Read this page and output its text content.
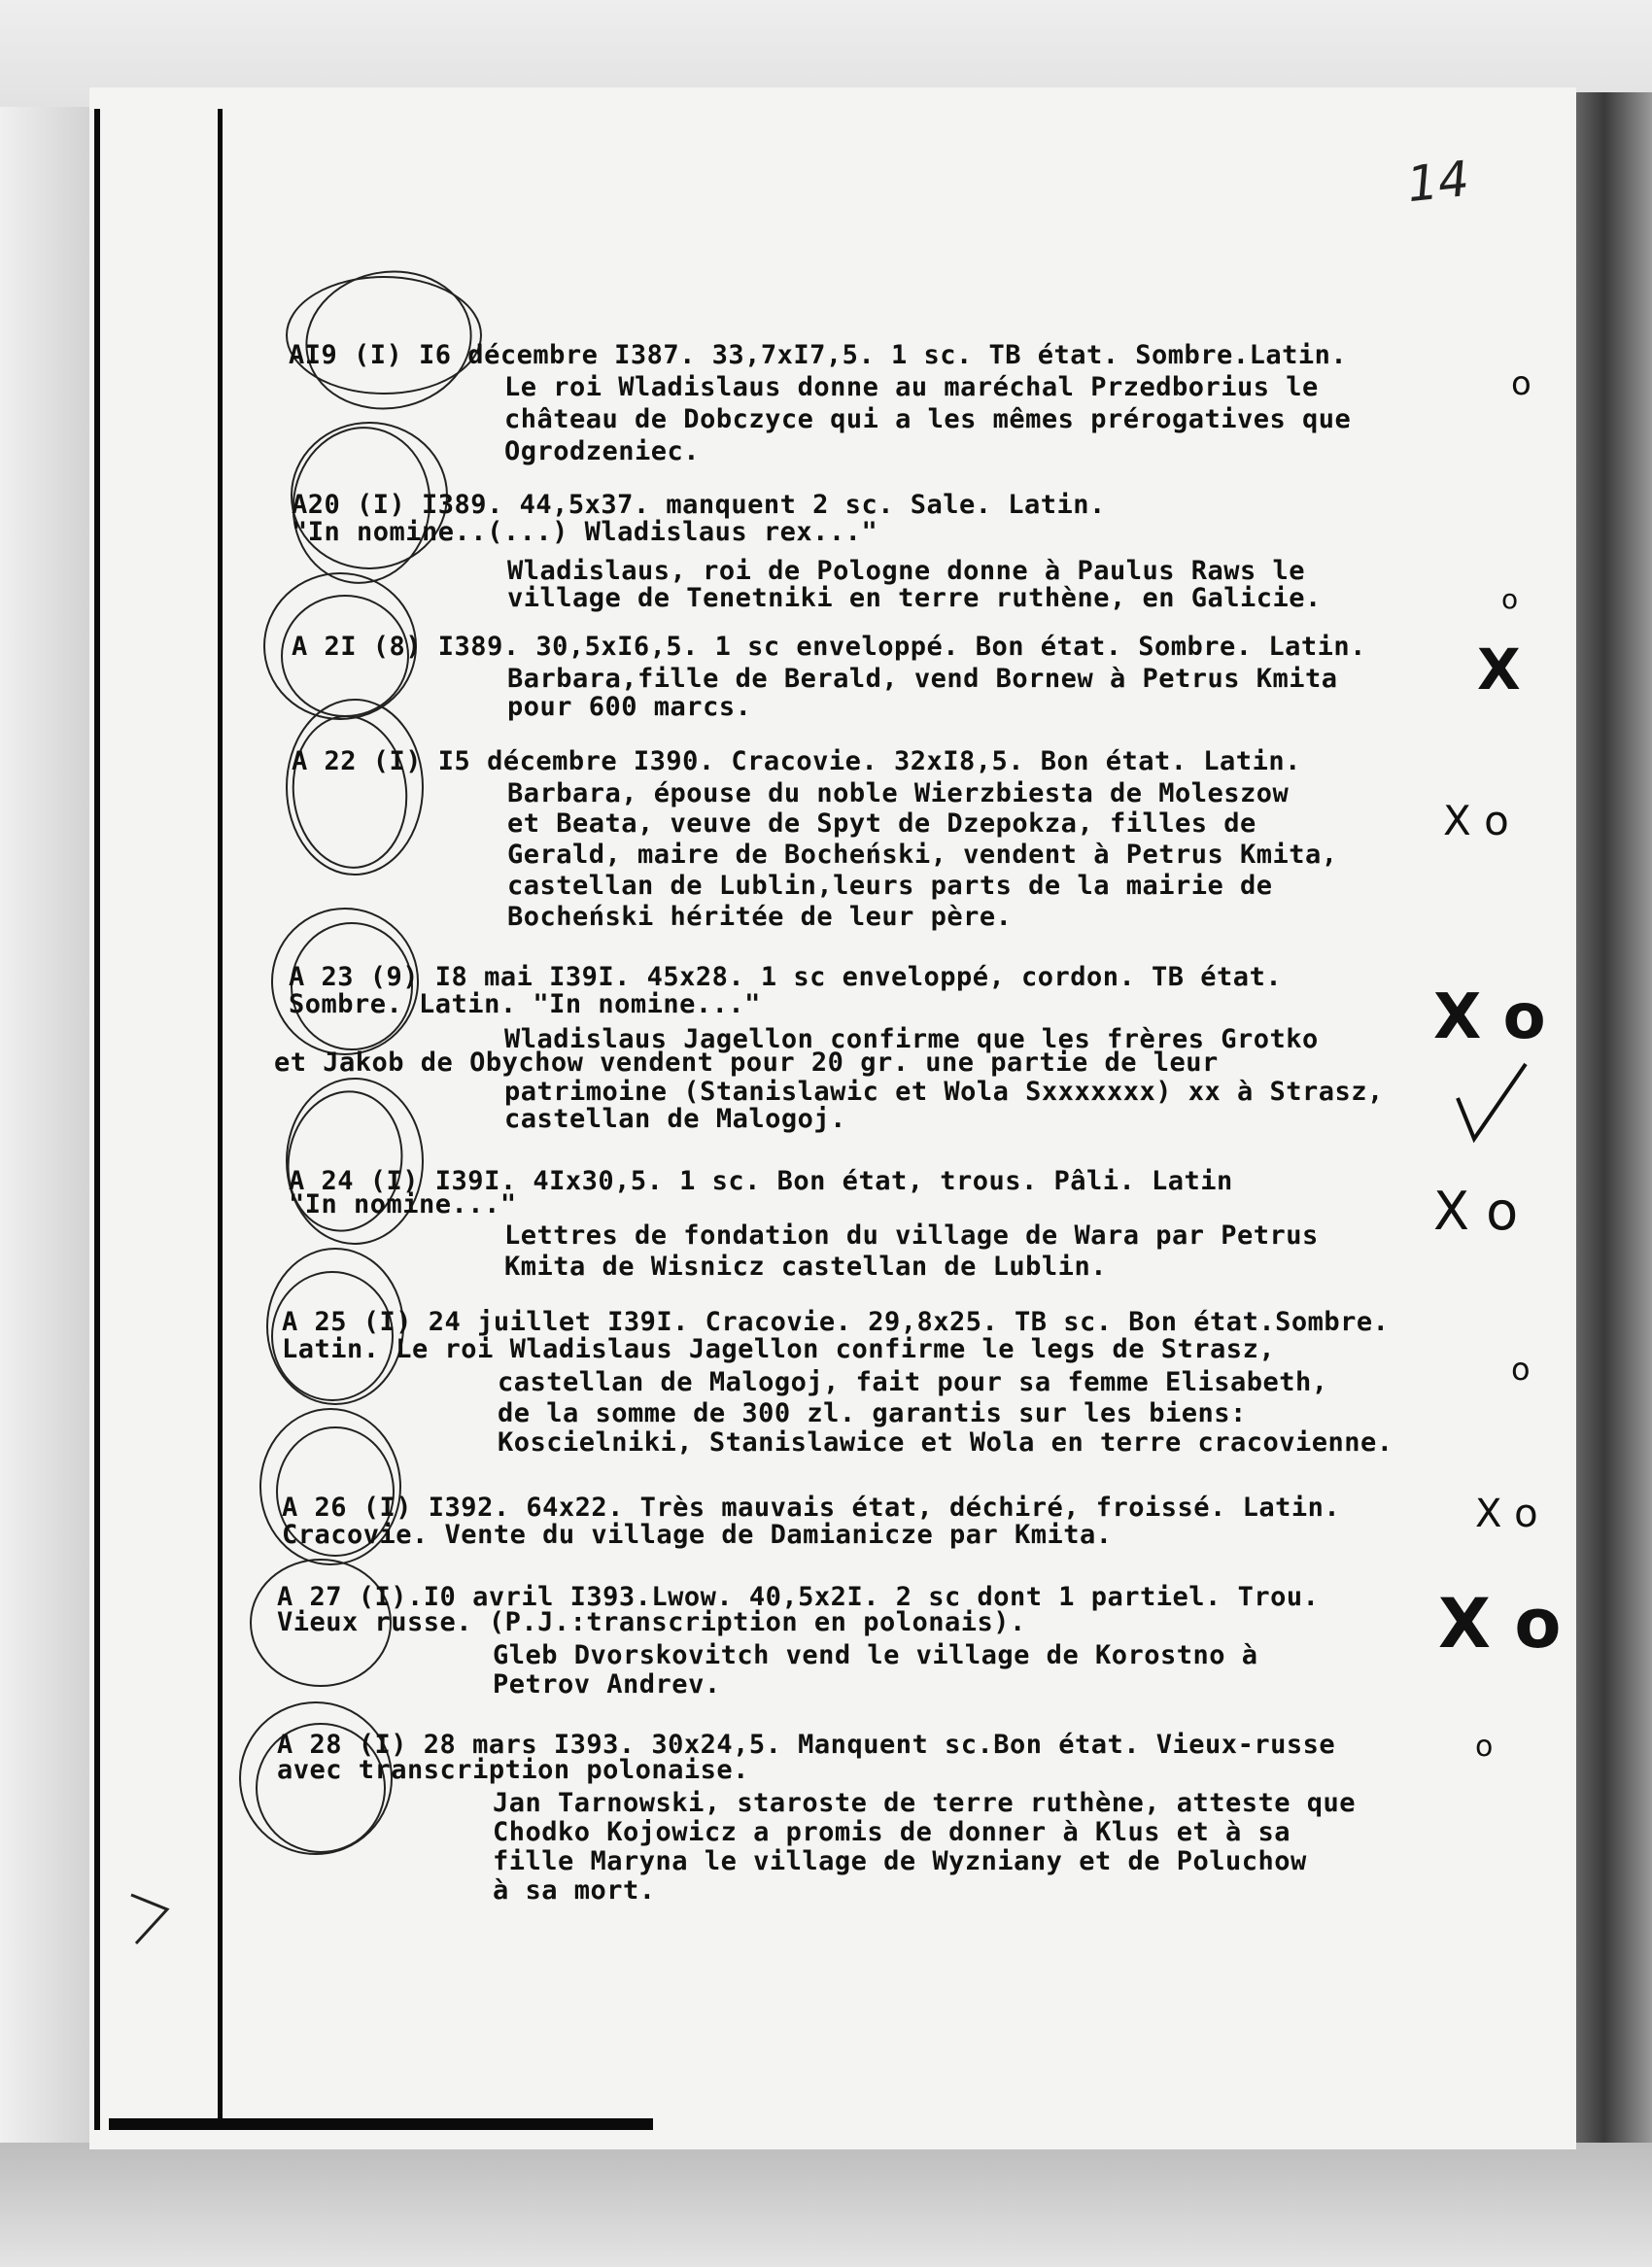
14
AI9 (I) I6 décembre I387. 33,7xI7,5. 1 sc. TB état. Sombre.Latin.
Le roi Wladislaus donne au maréchal Przedborius le
château de Dobczyce qui a les mêmes prérogatives que
Ogrodzeniec.
o
A20 (I) I389. 44,5x37. manquent 2 sc. Sale. Latin.
"In nomine..(...) Wladislaus rex..."
Wladislaus, roi de Pologne donne à Paulus Raws le
village de Tenetniki en terre ruthène, en Galicie.	o
A 2I (8) I389. 30,5xI6,5. 1 sc enveloppé. Bon état. Sombre. Latin.
Barbara,fille de Berald, vend Bornew à Petrus Kmita
pour 600 marcs.
X
A 22 (I) I5 décembre I390. Cracovie. 32xI8,5. Bon état. Latin.
Barbara, épouse du noble Wierzbiesta de Moleszow
et Beata, veuve de Spyt de Dzepokza, filles de
Gerald, maire de Bocheński, vendent à Petrus Kmita,
castellan de Lublin,leurs parts de la mairie de
Bocheński héritée de leur père.
X o
A 23 (9) I8 mai I39I. 45x28. 1 sc enveloppé, cordon. TB état.
Sombre. Latin. "In nomine..."
Wladislaus Jagellon confirme que les frères Grotko
et Jakob de Obychow vendent pour 20 gr. une partie de leur
patrimoine (Stanislawic et Wola Sxxxxxxx) xx à Strasz,
castellan de Malogoj.
X o
A 24 (I) I39I. 4Ix30,5. 1 sc. Bon état, trous. Pâli. Latin
"In nomine..."
Lettres de fondation du village de Wara par Petrus
Kmita de Wisnicz castellan de Lublin.
X o
A 25 (I) 24 juillet I39I. Cracovie. 29,8x25. TB sc. Bon état.Sombre.
Latin. Le roi Wladislaus Jagellon confirme le legs de Strasz,
castellan de Malogoj, fait pour sa femme Elisabeth,
de la somme de 300 zl. garantis sur les biens:
Koscielniki, Stanislawice et Wola en terre cracovienne.
o
A 26 (I) I392. 64x22. Très mauvais état, déchiré, froissé. Latin.
Cracovie. Vente du village de Damianicze par Kmita.	X o
A 27 (I).I0 avril I393.Lwow. 40,5x2I. 2 sc dont 1 partiel. Trou.
Vieux russe. (P.J.:transcription en polonais).
Gleb Dvorskovitch vend le village de Korostno à
Petrov Andrev.
X o
A 28 (I) 28 mars I393. 30x24,5. Manquent sc.Bon état. Vieux-russe
avec transcription polonaise.
Jan Tarnowski, staroste de terre ruthène, atteste que
Chodko Kojowicz a promis de donner à Klus et à sa
fille Maryna le village de Wyzniany et de Poluchow
à sa mort.
o
